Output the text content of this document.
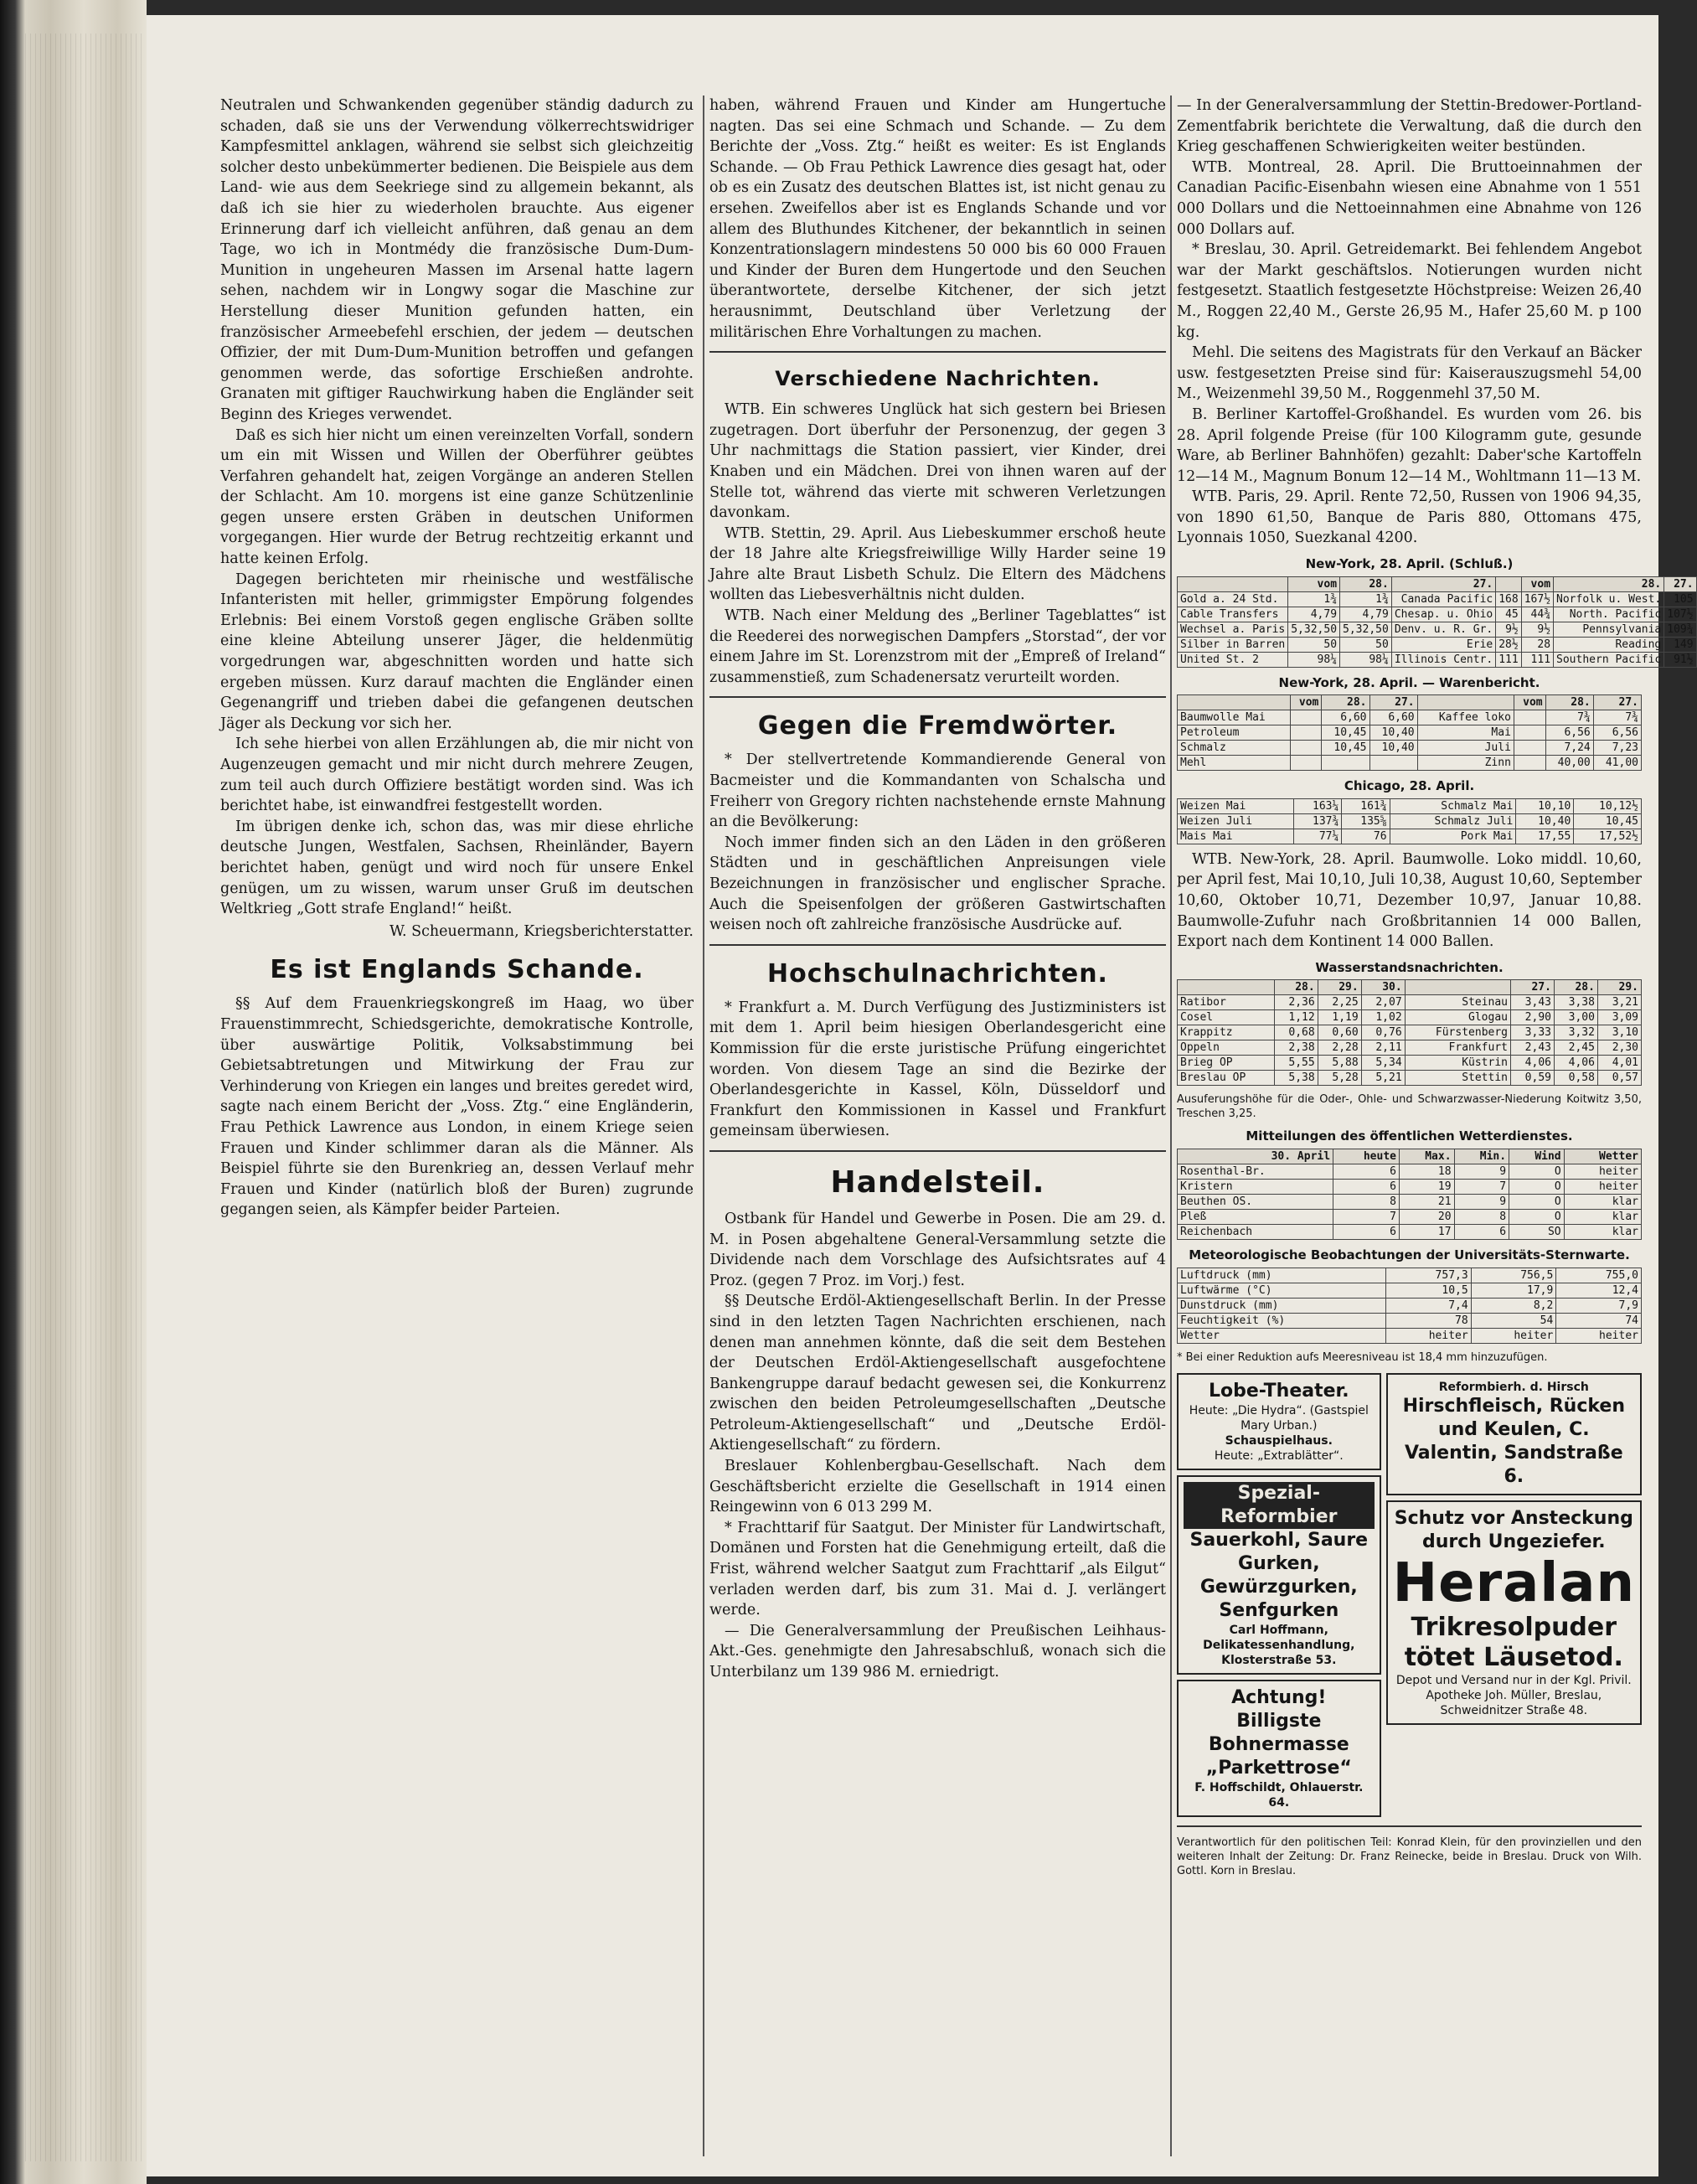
Neutralen und Schwankenden gegenüber ständig dadurch zu schaden, daß sie uns der Verwendung völkerrechtswidriger Kampfesmittel anklagen, während sie selbst sich gleichzeitig solcher desto unbekümmerter bedienen. Die Beispiele aus dem Land- wie aus dem Seekriege sind zu allgemein bekannt, als daß ich sie hier zu wiederholen brauchte. Aus eigener Erinnerung darf ich vielleicht anführen, daß genau an dem Tage, wo ich in Montmédy die französische Dum-Dum-Munition in ungeheuren Massen im Arsenal hatte lagern sehen, nachdem wir in Longwy sogar die Maschine zur Herstellung dieser Munition gefunden hatten, ein französischer Armeebefehl erschien, der jedem — deutschen Offizier, der mit Dum-Dum-Munition betroffen und gefangen genommen werde, das sofortige Erschießen androhte. Granaten mit giftiger Rauchwirkung haben die Engländer seit Beginn des Krieges verwendet.

Daß es sich hier nicht um einen vereinzelten Vorfall, sondern um ein mit Wissen und Willen der Oberführer geübtes Verfahren gehandelt hat, zeigen Vorgänge an anderen Stellen der Schlacht. Am 10. morgens ist eine ganze Schützenlinie gegen unsere ersten Gräben in deutschen Uniformen vorgegangen. Hier wurde der Betrug rechtzeitig erkannt und hatte keinen Erfolg.

Dagegen berichteten mir rheinische und westfälische Infanteristen mit heller, grimmigster Empörung folgendes Erlebnis: Bei einem Vorstoß gegen englische Gräben sollte eine kleine Abteilung unserer Jäger, die heldenmütig vorgedrungen war, abgeschnitten worden und hatte sich ergeben müssen. Kurz darauf machten die Engländer einen Gegenangriff und trieben dabei die gefangenen deutschen Jäger als Deckung vor sich her.

Ich sehe hierbei von allen Erzählungen ab, die mir nicht von Augenzeugen gemacht und mir nicht durch mehrere Zeugen, zum teil auch durch Offiziere bestätigt worden sind. Was ich berichtet habe, ist einwandfrei festgestellt worden.

Im übrigen denke ich, schon das, was mir diese ehrliche deutsche Jungen, Westfalen, Sachsen, Rheinländer, Bayern berichtet haben, genügt und wird noch für unsere Enkel genügen, um zu wissen, warum unser Gruß im deutschen Weltkrieg „Gott strafe England!“ heißt.

W. Scheuermann, Kriegsberichterstatter.
Es ist Englands Schande.

§§ Auf dem Frauenkriegskongreß im Haag, wo über Frauenstimmrecht, Schiedsgerichte, demokratische Kontrolle, über auswärtige Politik, Volksabstimmung bei Gebietsabtretungen und Mitwirkung der Frau zur Verhinderung von Kriegen ein langes und breites geredet wird, sagte nach einem Bericht der „Voss. Ztg.“ eine Engländerin, Frau Pethick Lawrence aus London, in einem Kriege seien Frauen und Kinder schlimmer daran als die Männer. Als Beispiel führte sie den Burenkrieg an, dessen Verlauf mehr Frauen und Kinder (natürlich bloß der Buren) zugrunde gegangen seien, als Kämpfer beider Parteien.

haben, während Frauen und Kinder am Hungertuche nagten. Das sei eine Schmach und Schande. — Zu dem Berichte der „Voss. Ztg.“ heißt es weiter: Es ist Englands Schande. — Ob Frau Pethick Lawrence dies gesagt hat, oder ob es ein Zusatz des deutschen Blattes ist, ist nicht genau zu ersehen. Zweifellos aber ist es Englands Schande und vor allem des Bluthundes Kitchener, der bekanntlich in seinen Konzentrationslagern mindestens 50 000 bis 60 000 Frauen und Kinder der Buren dem Hungertode und den Seuchen überantwortete, derselbe Kitchener, der sich jetzt herausnimmt, Deutschland über Verletzung der militärischen Ehre Vorhaltungen zu machen.

Verschiedene Nachrichten.

WTB. Ein schweres Unglück hat sich gestern bei Briesen zugetragen. Dort überfuhr der Personenzug, der gegen 3 Uhr nachmittags die Station passiert, vier Kinder, drei Knaben und ein Mädchen. Drei von ihnen waren auf der Stelle tot, während das vierte mit schweren Verletzungen davonkam.

WTB. Stettin, 29. April. Aus Liebeskummer erschoß heute der 18 Jahre alte Kriegsfreiwillige Willy Harder seine 19 Jahre alte Braut Lisbeth Schulz. Die Eltern des Mädchens wollten das Liebesverhältnis nicht dulden.

WTB. Nach einer Meldung des „Berliner Tageblattes“ ist die Reederei des norwegischen Dampfers „Storstad“, der vor einem Jahre im St. Lorenzstrom mit der „Empreß of Ireland“ zusammenstieß, zum Schadenersatz verurteilt worden.

Gegen die Fremdwörter.

* Der stellvertretende Kommandierende General von Bacmeister und die Kommandanten von Schalscha und Freiherr von Gregory richten nachstehende ernste Mahnung an die Bevölkerung:

Noch immer finden sich an den Läden in den größeren Städten und in geschäftlichen Anpreisungen viele Bezeichnungen in französischer und englischer Sprache. Auch die Speisenfolgen der größeren Gastwirtschaften weisen noch oft zahlreiche französische Ausdrücke auf.

Hochschulnachrichten.

* Frankfurt a. M. Durch Verfügung des Justizministers ist mit dem 1. April beim hiesigen Oberlandesgericht eine Kommission für die erste juristische Prüfung eingerichtet worden. Von diesem Tage an sind die Bezirke der Oberlandesgerichte in Kassel, Köln, Düsseldorf und Frankfurt den Kommissionen in Kassel und Frankfurt gemeinsam überwiesen.

Handelsteil.

Ostbank für Handel und Gewerbe in Posen. Die am 29. d. M. in Posen abgehaltene General-Versammlung setzte die Dividende nach dem Vorschlage des Aufsichtsrates auf 4 Proz. (gegen 7 Proz. im Vorj.) fest.

§§ Deutsche Erdöl-Aktiengesellschaft Berlin. In der Presse sind in den letzten Tagen Nachrichten erschienen, nach denen man annehmen könnte, daß die seit dem Bestehen der Deutschen Erdöl-Aktiengesellschaft ausgefochtene Bankengruppe darauf bedacht gewesen sei, die Konkurrenz zwischen den beiden Petroleumgesellschaften „Deutsche Petroleum-Aktiengesellschaft“ und „Deutsche Erdöl-Aktiengesellschaft“ zu fördern.

Breslauer Kohlenbergbau-Gesellschaft. Nach dem Geschäftsbericht erzielte die Gesellschaft in 1914 einen Reingewinn von 6 013 299 M.

* Frachttarif für Saatgut. Der Minister für Landwirtschaft, Domänen und Forsten hat die Genehmigung erteilt, daß die Frist, während welcher Saatgut zum Frachttarif „als Eilgut“ verladen werden darf, bis zum 31. Mai d. J. verlängert werde.

— Die Generalversammlung der Preußischen Leihhaus-Akt.-Ges. genehmigte den Jahresabschluß, wonach sich die Unterbilanz um 139 986 M. erniedrigt.

— In der Generalversammlung der Stettin-Bredower-Portland-Zementfabrik berichtete die Verwaltung, daß die durch den Krieg geschaffenen Schwierigkeiten weiter bestünden.

WTB. Montreal, 28. April. Die Bruttoeinnahmen der Canadian Pacific-Eisenbahn wiesen eine Abnahme von 1 551 000 Dollars und die Nettoeinnahmen eine Abnahme von 126 000 Dollars auf.

* Breslau, 30. April. Getreidemarkt. Bei fehlendem Angebot war der Markt geschäftslos. Notierungen wurden nicht festgesetzt. Staatlich festgesetzte Höchstpreise: Weizen 26,40 M., Roggen 22,40 M., Gerste 26,95 M., Hafer 25,60 M. p 100 kg.

Mehl. Die seitens des Magistrats für den Verkauf an Bäcker usw. festgesetzten Preise sind für: Kaiserauszugsmehl 54,00 M., Weizenmehl 39,50 M., Roggenmehl 37,50 M.

B. Berliner Kartoffel-Großhandel. Es wurden vom 26. bis 28. April folgende Preise (für 100 Kilogramm gute, gesunde Ware, ab Berliner Bahnhöfen) gezahlt: Daber'sche Kartoffeln 12—14 M., Magnum Bonum 12—14 M., Wohltmann 11—13 M.

WTB. Paris, 29. April. Rente 72,50, Russen von 1906 94,35, von 1890 61,50, Banque de Paris 880, Ottomans 475, Lyonnais 1050, Suezkanal 4200.

New-York, 28. April. (Schluß.)
	vom	28.	27.		vom	28.	27.
Gold a. 24 Std.	1¾	1¾	Canada Pacific	168	167½	Norfolk u. West.	105
Cable Transfers	4,79	4,79	Chesap. u. Ohio	45	44¾	North. Pacific	107½
Wechsel a. Paris	5,32,50	5,32,50	Denv. u. R. Gr.	9½	9½	Pennsylvania	109¾
Silber in Barren	50	50	Erie	28½	28	Reading	149
United St. 2	98¼	98¼	Illinois Centr.	111	111	Southern Pacific	91½
New-York, 28. April. — Warenbericht.
	vom	28.	27.		vom	28.	27.
Baumwolle Mai		6,60	6,60	Kaffee loko		7¾	7¾
Petroleum		10,45	10,40	Mai		6,56	6,56
Schmalz		10,45	10,40	Juli		7,24	7,23
Mehl				Zinn		40,00	41,00
Chicago, 28. April.
Weizen Mai	163¼	161¾	Schmalz Mai	10,10	10,12½
Weizen Juli	137¾	135⅝	Schmalz Juli	10,40	10,45
Mais Mai	77¼	76	Pork Mai	17,55	17,52½

WTB. New-York, 28. April. Baumwolle. Loko middl. 10,60, per April fest, Mai 10,10, Juli 10,38, August 10,60, September 10,60, Oktober 10,71, Dezember 10,97, Januar 10,88. Baumwolle-Zufuhr nach Großbritannien 14 000 Ballen, Export nach dem Kontinent 14 000 Ballen.

Wasserstandsnachrichten.
	28.	29.	30.		27.	28.	29.
Ratibor	2,36	2,25	2,07	Steinau	3,43	3,38	3,21
Cosel	1,12	1,19	1,02	Glogau	2,90	3,00	3,09
Krappitz	0,68	0,60	0,76	Fürstenberg	3,33	3,32	3,10
Oppeln	2,38	2,28	2,11	Frankfurt	2,43	2,45	2,30
Brieg OP	5,55	5,88	5,34	Küstrin	4,06	4,06	4,01
Breslau OP	5,38	5,28	5,21	Stettin	0,59	0,58	0,57
Ausuferungshöhe für die Oder-, Ohle- und Schwarzwasser-Niederung Koitwitz 3,50, Treschen 3,25.
Mitteilungen des öffentlichen Wetterdienstes.
30. April	heute	Max.	Min.	Wind	Wetter
Rosenthal-Br.	6	18	9	O	heiter
Kristern	6	19	7	O	heiter
Beuthen OS.	8	21	9	O	klar
Pleß	7	20	8	O	klar
Reichenbach	6	17	6	SO	klar
Meteorologische Beobachtungen der Universitäts-Sternwarte.
Luftdruck (mm)	757,3	756,5	755,0
Luftwärme (°C)	10,5	17,9	12,4
Dunstdruck (mm)	7,4	8,2	7,9
Feuchtigkeit (%)	78	54	74
Wetter	heiter	heiter	heiter
* Bei einer Reduktion aufs Meeresniveau ist 18,4 mm hinzuzufügen.
Lobe-Theater.
Heute: „Die Hydra“. (Gastspiel Mary Urban.)
Schauspielhaus.
Heute: „Extrablätter“.
Spezial-Reformbier
Sauerkohl, Saure Gurken, Gewürzgurken, Senfgurken
Carl Hoffmann, Delikatessenhandlung, Klosterstraße 53.
Achtung!
Billigste Bohnermasse „Parkettrose“
F. Hoffschildt, Ohlauerstr. 64.
Reformbierh. d. Hirsch
Hirschfleisch, Rücken und Keulen, C. Valentin, Sandstraße 6.
Schutz vor Ansteckung durch Ungeziefer.
Heralan
Trikresolpuder
tötet Läusetod.
Depot und Versand nur in der Kgl. Privil. Apotheke Joh. Müller, Breslau, Schweidnitzer Straße 48.
Verantwortlich für den politischen Teil: Konrad Klein, für den provinziellen und den weiteren Inhalt der Zeitung: Dr. Franz Reinecke, beide in Breslau. Druck von Wilh. Gottl. Korn in Breslau.
